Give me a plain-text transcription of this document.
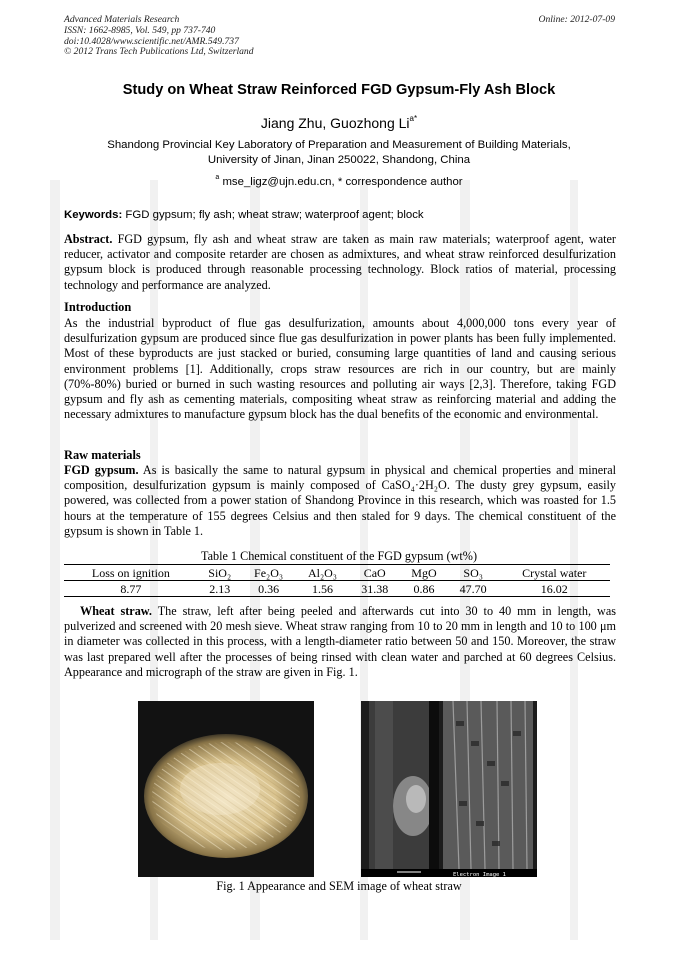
Advanced Materials Research
ISSN: 1662-8985, Vol. 549, pp 737-740
doi:10.4028/www.scientific.net/AMR.549.737
© 2012 Trans Tech Publications Ltd, Switzerland
Online: 2012-07-09
Study on Wheat Straw Reinforced FGD Gypsum-Fly Ash Block
Jiang Zhu, Guozhong $Li^{a*}$
Shandong Provincial Key Laboratory of Preparation and Measurement of Building Materials,
University of Jinan, Jinan 250022, Shandong, China
$^a$ mse_ligz@ujn.edu.cn, * correspondence author
Keywords: FGD gypsum; fly ash; wheat straw; waterproof agent; block
Abstract. FGD gypsum, fly ash and wheat straw are taken as main raw materials; waterproof agent, water reducer, activator and composite retarder are chosen as admixtures, and wheat straw reinforced desulfurization gypsum block is produced through reasonable processing technology. Block ratios of material, processing technology and performance are analyzed.
Introduction
As the industrial byproduct of flue gas desulfurization, amounts about 4,000,000 tons every year of desulfurization gypsum are produced since flue gas desulfurization in power plants has been fully implemented. Most of these byproducts are just stacked or buried, consuming large quantities of land and causing serious environment problems [1]. Additionally, crops straw resources are rich in our country, but are mainly (70%-80%) buried or burned in such wasting resources and polluting air ways [2,3]. Therefore, taking FGD gypsum and fly ash as cementing materials, compositing wheat straw as reinforcing material and adding the necessary admixtures to manufacture gypsum block has the dual benefits of the economic and environmental.
Raw materials
FGD gypsum. As is basically the same to natural gypsum in physical and chemical properties and mineral composition, desulfurization gypsum is mainly composed of CaSO₄·2H₂O. The dusty grey gypsum, easily powered, was collected from a power station of Shandong Province in this research, which was roasted for 1.5 hours at the temperature of 155 degrees Celsius and then staled for 9 days. The chemical constituent of the gypsum is shown in Table 1.
Table 1 Chemical constituent of the FGD gypsum (wt%)
Loss on ignition	SiO₂	Fe₂O₃	Al₂O₃	CaO	MgO	SO₃	Crystal water
8.77	2.13	0.36	1.56	31.38	0.86	47.70	16.02
Wheat straw. The straw, left after being peeled and afterwards cut into 30 to 40 mm in length, was pulverized and screened with 20 mesh sieve. Wheat straw ranging from 10 to 20 mm in length and 10 to 100 μm in diameter was collected in this process, with a length-diameter ratio between 50 and 150. Moreover, the straw was last prepared well after the processes of being rinsed with clean water and parched at 60 degrees Celsius. Appearance and micrograph of the straw are given in Fig. 1.
Electron Image 1
Fig. 1 Appearance and SEM image of wheat straw
